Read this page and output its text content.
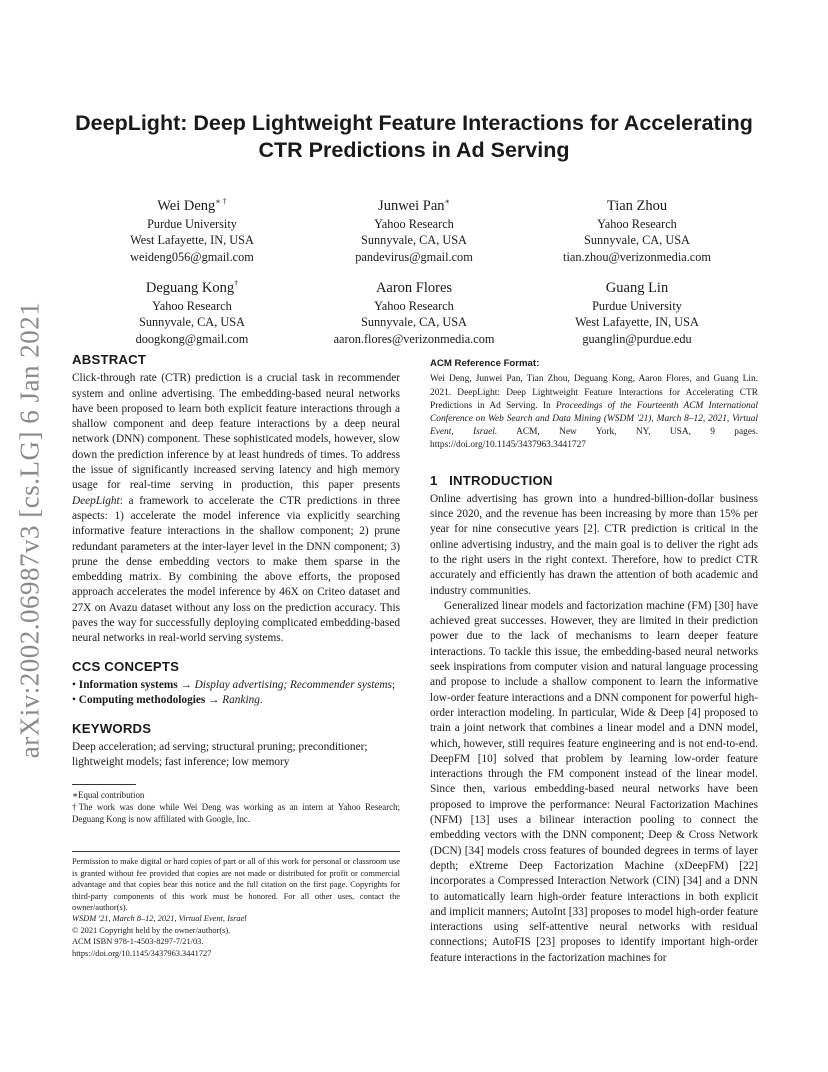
arXiv:2002.06987v3 [cs.LG] 6 Jan 2021
DeepLight: Deep Lightweight Feature Interactions for Accelerating CTR Predictions in Ad Serving
Wei Deng∗ †
Purdue University
West Lafayette, IN, USA
weideng056@gmail.com
Junwei Pan∗
Yahoo Research
Sunnyvale, CA, USA
pandevirus@gmail.com
Tian Zhou
Yahoo Research
Sunnyvale, CA, USA
tian.zhou@verizonmedia.com
Deguang Kong†
Yahoo Research
Sunnyvale, CA, USA
doogkong@gmail.com
Aaron Flores
Yahoo Research
Sunnyvale, CA, USA
aaron.flores@verizonmedia.com
Guang Lin
Purdue University
West Lafayette, IN, USA
guanglin@purdue.edu
ABSTRACT

Click-through rate (CTR) prediction is a crucial task in recommender system and online advertising. The embedding-based neural networks have been proposed to learn both explicit feature interactions through a shallow component and deep feature interactions by a deep neural network (DNN) component. These sophisticated models, however, slow down the prediction inference by at least hundreds of times. To address the issue of significantly increased serving latency and high memory usage for real-time serving in production, this paper presents DeepLight: a framework to accelerate the CTR predictions in three aspects: 1) accelerate the model inference via explicitly searching informative feature interactions in the shallow component; 2) prune redundant parameters at the inter-layer level in the DNN component; 3) prune the dense embedding vectors to make them sparse in the embedding matrix. By combining the above efforts, the proposed approach accelerates the model inference by 46X on Criteo dataset and 27X on Avazu dataset without any loss on the prediction accuracy. This paves the way for successfully deploying complicated embedding-based neural networks in real-world serving systems.

CCS CONCEPTS

• Information systems → Display advertising; Recommender systems; • Computing methodologies → Ranking.

KEYWORDS

Deep acceleration; ad serving; structural pruning; preconditioner; lightweight models; fast inference; low memory

∗Equal contribution
†The work was done while Wei Deng was working as an intern at Yahoo Research; Deguang Kong is now affiliated with Google, Inc.
Permission to make digital or hard copies of part or all of this work for personal or classroom use is granted without fee provided that copies are not made or distributed for profit or commercial advantage and that copies bear this notice and the full citation on the first page. Copyrights for third-party components of this work must be honored. For all other uses, contact the owner/author(s).
WSDM '21, March 8–12, 2021, Virtual Event, Israel
© 2021 Copyright held by the owner/author(s).
ACM ISBN 978-1-4503-8297-7/21/03.
https://doi.org/10.1145/3437963.3441727
ACM Reference Format:

Wei Deng, Junwei Pan, Tian Zhou, Deguang Kong, Aaron Flores, and Guang Lin. 2021. DeepLight: Deep Lightweight Feature Interactions for Accelerating CTR Predictions in Ad Serving. In Proceedings of the Fourteenth ACM International Conference on Web Search and Data Mining (WSDM '21), March 8–12, 2021, Virtual Event, Israel. ACM, New York, NY, USA, 9 pages. https://doi.org/10.1145/3437963.3441727

1   INTRODUCTION

Online advertising has grown into a hundred-billion-dollar business since 2020, and the revenue has been increasing by more than 15% per year for nine consecutive years [2]. CTR prediction is critical in the online advertising industry, and the main goal is to deliver the right ads to the right users in the right context. Therefore, how to predict CTR accurately and efficiently has drawn the attention of both academic and industry communities.

Generalized linear models and factorization machine (FM) [30] have achieved great successes. However, they are limited in their prediction power due to the lack of mechanisms to learn deeper feature interactions. To tackle this issue, the embedding-based neural networks seek inspirations from computer vision and natural language processing and propose to include a shallow component to learn the informative low-order feature interactions and a DNN component for powerful high-order interaction modeling. In particular, Wide & Deep [4] proposed to train a joint network that combines a linear model and a DNN model, which, however, still requires feature engineering and is not end-to-end. DeepFM [10] solved that problem by learning low-order feature interactions through the FM component instead of the linear model. Since then, various embedding-based neural networks have been proposed to improve the performance: Neural Factorization Machines (NFM) [13] uses a bilinear interaction pooling to connect the embedding vectors with the DNN component; Deep & Cross Network (DCN) [34] models cross features of bounded degrees in terms of layer depth; eXtreme Deep Factorization Machine (xDeepFM) [22] incorporates a Compressed Interaction Network (CIN) [34] and a DNN to automatically learn high-order feature interactions in both explicit and implicit manners; AutoInt [33] proposes to model high-order feature interactions using self-attentive neural networks with residual connections; AutoFIS [23] proposes to identify important high-order feature interactions in the factorization machines for
